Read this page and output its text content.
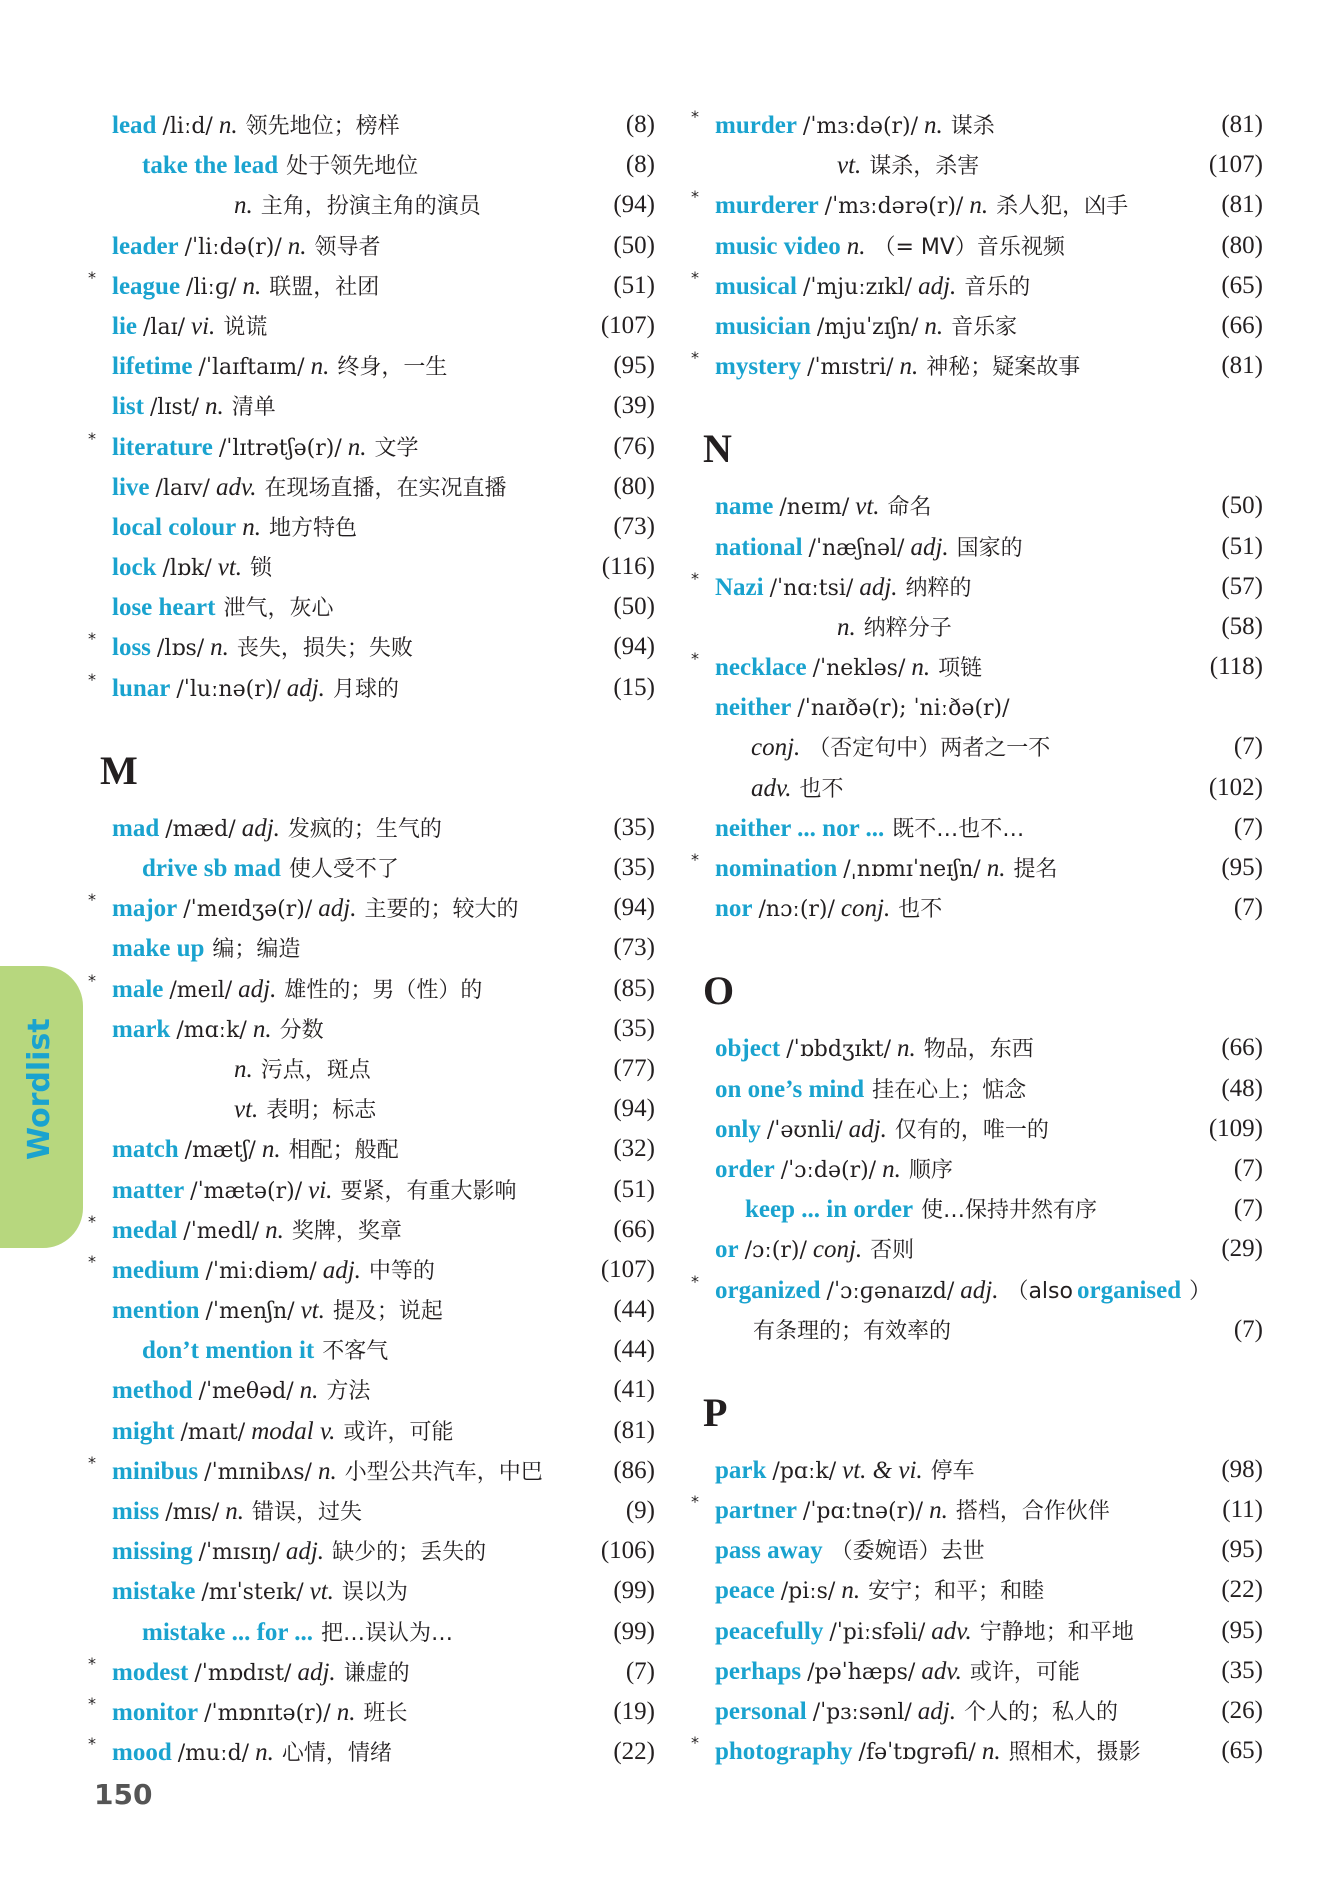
Wordlist
lead /liːd/ n. 领先地位；榜样	(8)
take the lead 处于领先地位	(8)
n. 主角，扮演主角的演员	(94)
leader /ˈliːdə(r)/ n. 领导者	(50)
* league /liːɡ/ n. 联盟，社团	(51)
lie /laɪ/ vi. 说谎	(107)
lifetime /ˈlaɪftaɪm/ n. 终身，一生	(95)
list /lɪst/ n. 清单	(39)
* literature /ˈlɪtrətʃə(r)/ n. 文学	(76)
live /laɪv/ adv. 在现场直播，在实况直播	(80)
local colour n. 地方特色	(73)
lock /lɒk/ vt. 锁	(116)
lose heart 泄气，灰心	(50)
* loss /lɒs/ n. 丧失，损失；失败	(94)
* lunar /ˈluːnə(r)/ adj. 月球的	(15)
M
mad /mæd/ adj. 发疯的；生气的	(35)
drive sb mad 使人受不了	(35)
* major /ˈmeɪdʒə(r)/ adj. 主要的；较大的	(94)
make up 编；编造	(73)
* male /meɪl/ adj. 雄性的；男（性）的	(85)
mark /mɑːk/ n. 分数	(35)
n. 污点，斑点	(77)
vt. 表明；标志	(94)
match /mætʃ/ n. 相配；般配	(32)
matter /ˈmætə(r)/ vi. 要紧，有重大影响	(51)
* medal /ˈmedl/ n. 奖牌，奖章	(66)
* medium /ˈmiːdiəm/ adj. 中等的	(107)
mention /ˈmenʃn/ vt. 提及；说起	(44)
don’t mention it 不客气	(44)
method /ˈmeθəd/ n. 方法	(41)
might /maɪt/ modal v. 或许，可能	(81)
* minibus /ˈmɪnibʌs/ n. 小型公共汽车，中巴	(86)
miss /mɪs/ n. 错误，过失	(9)
missing /ˈmɪsɪŋ/ adj. 缺少的；丢失的	(106)
mistake /mɪˈsteɪk/ vt. 误以为	(99)
mistake ... for ... 把…误认为…	(99)
* modest /ˈmɒdɪst/ adj. 谦虚的	(7)
* monitor /ˈmɒnɪtə(r)/ n. 班长	(19)
* mood /muːd/ n. 心情，情绪	(22)
* murder /ˈmɜːdə(r)/ n. 谋杀	(81)
vt. 谋杀，杀害	(107)
* murderer /ˈmɜːdərə(r)/ n. 杀人犯，凶手	(81)
music video n. （= MV）音乐视频	(80)
* musical /ˈmjuːzɪkl/ adj. 音乐的	(65)
musician /mjuˈzɪʃn/ n. 音乐家	(66)
* mystery /ˈmɪstri/ n. 神秘；疑案故事	(81)
N
name /neɪm/ vt. 命名	(50)
national /ˈnæʃnəl/ adj. 国家的	(51)
* Nazi /ˈnɑːtsi/ adj. 纳粹的	(57)
n. 纳粹分子	(58)
* necklace /ˈnekləs/ n. 项链	(118)
neither /ˈnaɪðə(r); ˈniːðə(r)/
conj. （否定句中）两者之一不	(7)
adv. 也不	(102)
neither ... nor ... 既不…也不…	(7)
* nomination /ˌnɒmɪˈneɪʃn/ n. 提名	(95)
nor /nɔː(r)/ conj. 也不	(7)
O
object /ˈɒbdʒɪkt/ n. 物品，东西	(66)
on one’s mind 挂在心上；惦念	(48)
only /ˈəʊnli/ adj. 仅有的，唯一的	(109)
order /ˈɔːdə(r)/ n. 顺序	(7)
keep ... in order 使…保持井然有序	(7)
or /ɔː(r)/ conj. 否则	(29)
* organized /ˈɔːɡənaɪzd/ adj. （also organised ）
有条理的；有效率的	(7)
P
park /pɑːk/ vt. & vi. 停车	(98)
* partner /ˈpɑːtnə(r)/ n. 搭档，合作伙伴	(11)
pass away （委婉语）去世	(95)
peace /piːs/ n. 安宁；和平；和睦	(22)
peacefully /ˈpiːsfəli/ adv. 宁静地；和平地	(95)
perhaps /pəˈhæps/ adv. 或许，可能	(35)
personal /ˈpɜːsənl/ adj. 个人的；私人的	(26)
* photography /fəˈtɒɡrəfi/ n. 照相术，摄影	(65)
150
